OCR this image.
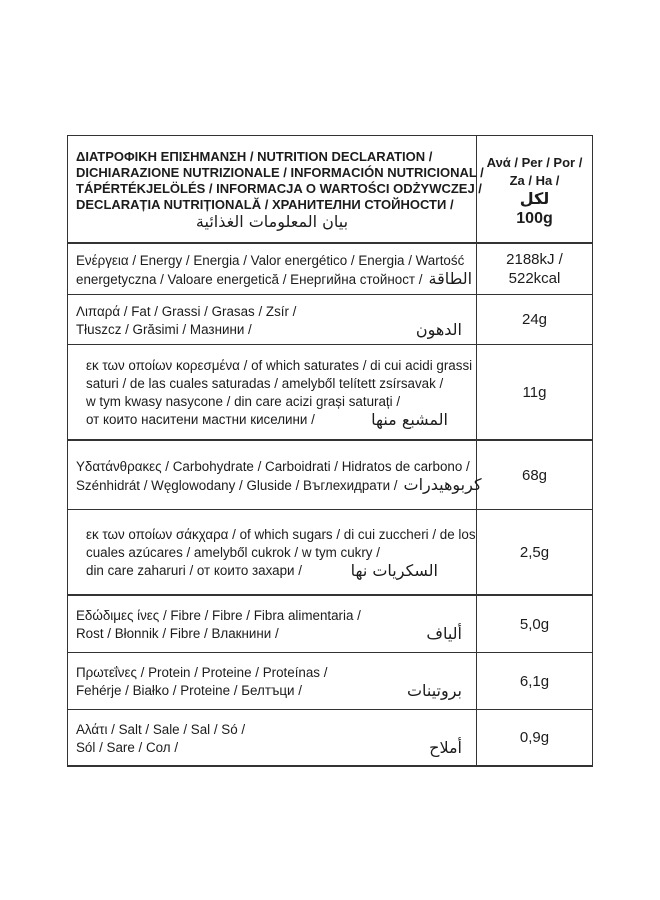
ΔΙΑΤΡΟΦΙΚΗ ΕΠΙΣΗΜΑΝΣΗ / NUTRITION DECLARATION /
DICHIARAZIONE NUTRIZIONALE / INFORMACIÓN NUTRICIONAL /
TÁPÉRTÉKJELÖLÉS / INFORMACJA O WARTOŚCI ODŻYWCZEJ /
DECLARAȚIA NUTRIȚIONALĂ / ХРАНИТЕЛНИ СТОЙНОСТИ /
بيان المعلومات الغذائية
Ανά / Per / Por /
Za / Ha /
لكل
100g
Ενέργεια / Energy / Energia / Valor energético / Energia / Wartość
energetyczna / Valoare energetică / Енергийна стойност / الطاقة
2188kJ /
522kcal
Λιπαρά / Fat / Grassi / Grasas / Zsír /
Tłuszcz / Grăsimi / Мазнини /	الدهون	24g
εκ των οποίων κορεσμένα / of which saturates / di cui acidi grassi
saturi / de las cuales saturadas / amelyből telített zsírsavak /
w tym kwasy nasycone / din care acizi grași saturați /
от които наситени мастни киселини /	المشبع منها
11g
Υδατάνθρακες / Carbohydrate / Carboidrati / Hidratos de carbono /
Szénhidrát / Węglowodany / Gluside / Въглехидрати / كربوهيدرات	68g
εκ των οποίων σάκχαρα / of which sugars / di cui zuccheri / de los
cuales azúcares / amelyből cukrok / w tym cukry /
din care zaharuri / от които захари /	السكريات نها
2,5g
Εδώδιμες ίνες / Fibre / Fibre / Fibra alimentaria /
Rost / Błonnik / Fibre / Влакнини /	ألياف	5,0g
Πρωτεΐνες / Protein / Proteine / Proteínas /
Fehérje / Białko / Proteine / Белтъци /	بروتينات	6,1g
Αλάτι / Salt / Sale / Sal / Só /
Sól / Sare / Сол /	أملاح	0,9g
